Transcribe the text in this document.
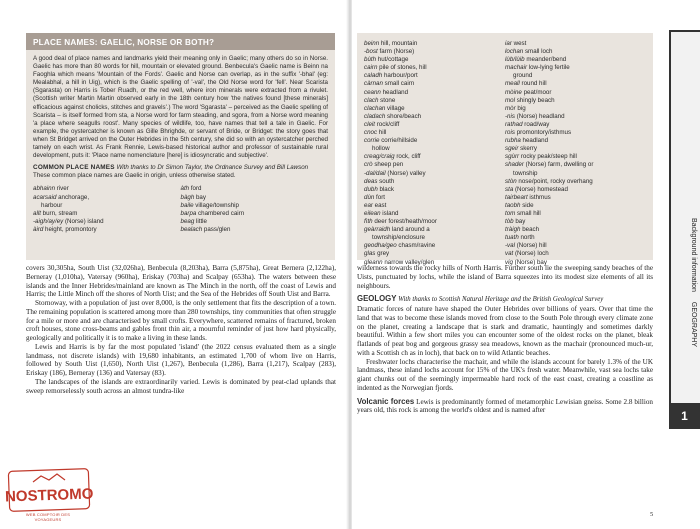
PLACE NAMES: GAELIC, NORSE OR BOTH?
A good deal of place names and landmarks yield their meaning only in Gaelic; many others do so in Norse. Gaelic has more than 80 words for hill, mountain or elevated ground. Benbecula's Gaelic name is Beinn na Faoghla which means 'Mountain of the Fords'. Gaelic and Norse can overlap, as in the suffix '-bhal' (eg: Mealabhal, a hill in Uig), which is the Gaelic spelling of '-val', the Old Norse word for 'fell'. Near Scarista (Sgarasta) on Harris is Tober Ruadh, or the red well, where iron minerals were extracted from a rivulet. (Scottish writer Martin Martin observed early in the 18th century how 'the natives found [these minerals] efficacious against cholicks, stitches and gravels'.) The word 'Sgarasta' – perceived as the Gaelic spelling of Scarista – is itself formed from sta, a Norse word for farm steading, and sgora, from a Norse word meaning 'a place where seagulls roost'. Many species of wildlife, too, have names that tell a tale in Gaelic. For example, the oystercatcher is known as Gille Bhrighde, or servant of Bride, or Bridget: the story goes that when St Bridget arrived on the Outer Hebrides in the 5th century, she did so with an oystercatcher perched tamely on each wrist. As Frank Rennie, Lewis-based historical author and professor of sustainable rural development, puts it: 'Place name nomenclature [here] is idiosyncratic and subjective'.
COMMON PLACE NAMES With thanks to Dr Simon Taylor, the Ordnance Survey and Bill Lawson
These common place names are Gaelic in origin, unless otherwise stated.
abhainn river
acarsaid anchorage,
harbour
allt burn, stream
-aigh/ay/ey (Norse) island
àird height, promontory
àth ford
bàgh bay
baile village/township
barpa chambered cairn
beag little
bealach pass/glen

covers 30,305ha, South Uist (32,026ha), Benbecula (8,203ha), Barra (5,875ha), Great Bernera (2,122ha), Berneray (1,010ha), Vatersay (960ha), Eriskay (703ha) and Scalpay (653ha). The waters between these islands and the Inner Hebrides/mainland are known as The Minch in the north, off the coast of Lewis and Harris; the Little Minch off the shores of North Uist; and the Sea of the Hebrides off South Uist and Barra.

Stornoway, with a population of just over 8,000, is the only settlement that fits the description of a town. The remaining population is scattered among more than 280 townships, tiny communities that often struggle for a mile or more and are characterised by small crofts. Everywhere, scattered remains of fractured, broken croft houses, stone cross-beams and gables front thin air, a mournful reminder of just how hard physically, geologically and politically it is to make a living in these lands.

Lewis and Harris is by far the most populated 'island' (the 2022 census evaluated them as a single landmass, not discrete islands) with 19,680 inhabitants, an estimated 1,700 of whom live on Harris, followed by South Uist (1,650), North Uist (1,267), Benbecula (1,286), Barra (1,217), Scalpay (283), Eriskay (186), Berneray (136) and Vatersay (83).

The landscapes of the islands are extraordinarily varied. Lewis is dominated by peat-clad uplands that sweep remorselessly south across an almost tundra-like

NOSTROMO
WEB COMPTOIR DES VOYAGEURS
beinn hill, mountain
-bost farm (Norse)
bùth hut/cottage
cairn pile of stones, hill
caladh harbour/port
càrnan small cairn
ceann headland
clach stone
clachan village
cladach shore/beach
cleit rock/cliff
cnoc hill
corrie corrie/hillside
hollow
creag/craig rock, cliff
crò sheep pen
-dal/dail (Norse) valley
deas south
dubh black
dùn fort
ear east
eilean island
fìth deer forest/heath/moor
geàrraidh land around a
township/enclosure
geodha/geo chasm/ravine
glas grey
gleann narrow valley/glen
iar west
lochan small loch
lùb/lùib meander/bend
machair low-lying fertile
ground
meall round hill
mòine peat/moor
mol shingly beach
mòr big
-nis (Norse) headland
rathad road/way
rois promontory/isthmus
rubha headland
sgeir skerry
sgùrr rocky peak/steep hill
shader (Norse) farm, dwelling or
township
stòn nose/point, rocky overhang
sta (Norse) homestead
tairbeart isthmus
taobh side
tom small hill
tòb bay
tràigh beach
tuath north
-val (Norse) hill
vat (Norse) loch
vig (Norse) bay

wilderness towards the rocky hills of North Harris. Further south lie the sweeping sandy beaches of the Uists, punctuated by lochs, while the island of Barra squeezes into its modest size elements of all its neighbours.

GEOLOGY With thanks to Scottish Natural Heritage and the British Geological Survey

Dramatic forces of nature have shaped the Outer Hebrides over billions of years. Over that time the land that was to become these islands moved from close to the South Pole through every climate zone on the planet, creating a landscape that is stark and dramatic, hauntingly and sometimes darkly beautiful. Within a few short miles you can encounter some of the oldest rocks on the planet, bleak flatlands of peat bog and gorgeous grassy sea meadows, known as the machair (pronounced much-ur, with a Scottish ch as in loch), that back on to wild Atlantic beaches.

Freshwater lochs characterise the machair, and while the islands account for barely 1.3% of the UK landmass, these inland lochs account for 15% of the UK's fresh water. Meanwhile, vast sea lochs take giant chunks out of the seemingly impermeable hard rock of the east coast, creating a coastline as indented as the Norwegian fjords.

Volcanic forces Lewis is predominantly formed of metamorphic Lewisian gneiss. Some 2.8 billion years old, this rock is among the world's oldest and is named after

Background information GEOGRAPHY
1
5
